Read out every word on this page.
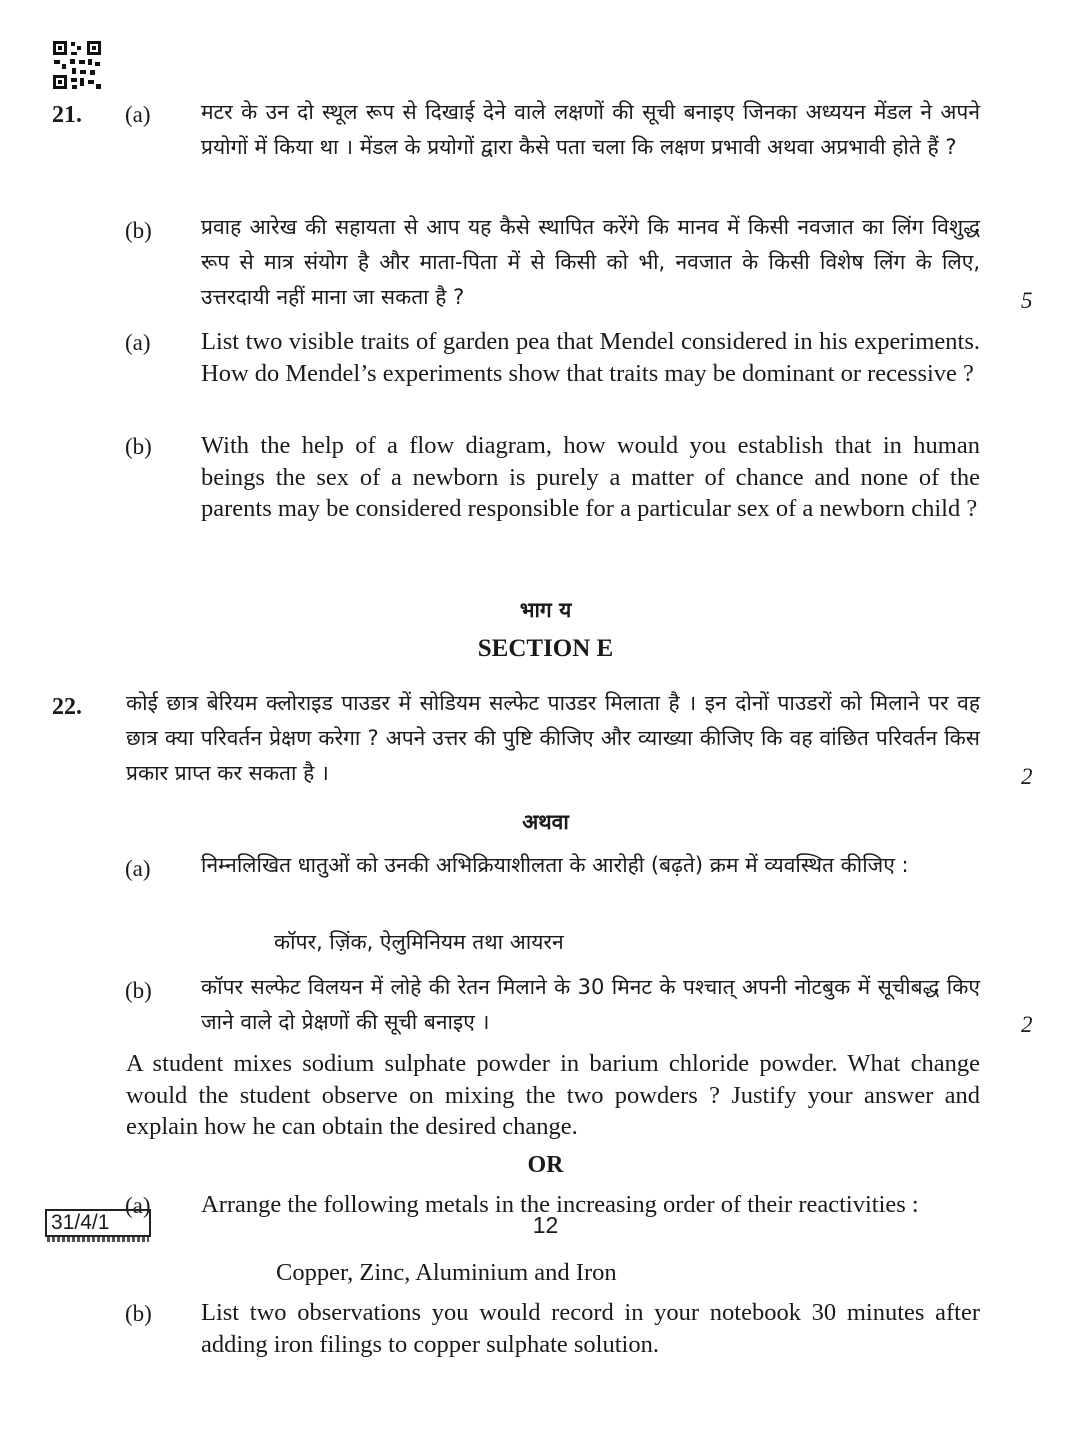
21. (a) मटर के उन दो स्थूल रूप से दिखाई देने वाले लक्षणों की सूची बनाइए जिनका अध्ययन मेंडल ने अपने प्रयोगों में किया था । मेंडल के प्रयोगों द्वारा कैसे पता चला कि लक्षण प्रभावी अथवा अप्रभावी होते हैं ?
(b) प्रवाह आरेख की सहायता से आप यह कैसे स्थापित करेंगे कि मानव में किसी नवजात का लिंग विशुद्ध रूप से मात्र संयोग है और माता-पिता में से किसी को भी, नवजात के किसी विशेष लिंग के लिए, उत्तरदायी नहीं माना जा सकता है ?	5
(a) List two visible traits of garden pea that Mendel considered in his experiments. How do Mendel’s experiments show that traits may be dominant or recessive ?
(b) With the help of a flow diagram, how would you establish that in human beings the sex of a newborn is purely a matter of chance and none of the parents may be considered responsible for a particular sex of a newborn child ?
भाग य
SECTION E
22. कोई छात्र बेरियम क्लोराइड पाउडर में सोडियम सल्फेट पाउडर मिलाता है । इन दोनों पाउडरों को मिलाने पर वह छात्र क्या परिवर्तन प्रेक्षण करेगा ? अपने उत्तर की पुष्टि कीजिए और व्याख्या कीजिए कि वह वांछित परिवर्तन किस प्रकार प्राप्त कर सकता है ।	2
अथवा
(a) निम्नलिखित धातुओं को उनकी अभिक्रियाशीलता के आरोही (बढ़ते) क्रम में व्यवस्थित कीजिए :
कॉपर, ज़िंक, ऐलुमिनियम तथा आयरन
(b) कॉपर सल्फेट विलयन में लोहे की रेतन मिलाने के 30 मिनट के पश्चात् अपनी नोटबुक में सूचीबद्ध किए जाने वाले दो प्रेक्षणों की सूची बनाइए ।	2
A student mixes sodium sulphate powder in barium chloride powder. What change would the student observe on mixing the two powders ? Justify your answer and explain how he can obtain the desired change.
OR
(a) Arrange the following metals in the increasing order of their reactivities :
Copper, Zinc, Aluminium and Iron
(b) List two observations you would record in your notebook 30 minutes after adding iron filings to copper sulphate solution.
31/4/1	12
